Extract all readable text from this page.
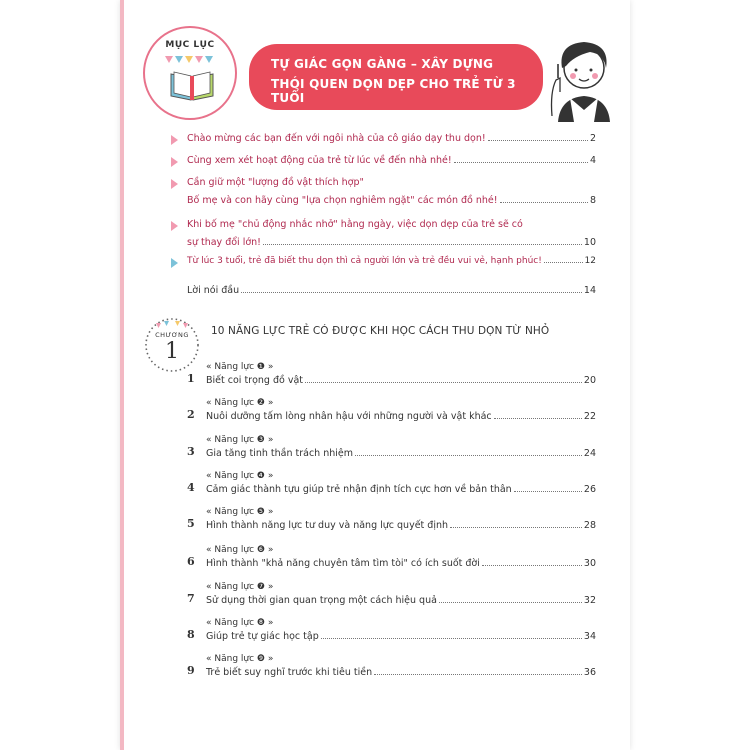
MỤC LỤC
TỰ GIÁC GỌN GÀNG – XÂY DỰNG
THÓI QUEN DỌN DẸP CHO TRẺ TỪ 3 TUỔI
Chào mừng các bạn đến với ngôi nhà của cô giáo dạy thu dọn!	2
Cùng xem xét hoạt động của trẻ từ lúc về đến nhà nhé!	4
Cần giữ một "lượng đồ vật thích hợp"
Bố mẹ và con hãy cùng "lựa chọn nghiêm ngặt" các món đồ nhé!	8
Khi bố mẹ "chủ động nhắc nhở" hằng ngày, việc dọn dẹp của trẻ sẽ có
sự thay đổi lớn!	10
Từ lúc 3 tuổi, trẻ đã biết thu dọn thì cả người lớn và trẻ đều vui vẻ, hạnh phúc!	12
Lời nói đầu	14
CHƯƠNG
1
10 NĂNG LỰC TRẺ CÓ ĐƯỢC KHI HỌC CÁCH THU DỌN TỪ NHỎ
1
« Năng lực ❶ »
Biết coi trọng đồ vật	20
2
« Năng lực ❷ »
Nuôi dưỡng tấm lòng nhân hậu với những người và vật khác	22
3
« Năng lực ❸ »
Gia tăng tinh thần trách nhiệm	24
4
« Năng lực ❹ »
Cảm giác thành tựu giúp trẻ nhận định tích cực hơn về bản thân	26
5
« Năng lực ❺ »
Hình thành năng lực tư duy và năng lực quyết định	28
6
« Năng lực ❻ »
Hình thành "khả năng chuyên tâm tìm tòi" có ích suốt đời	30
7
« Năng lực ❼ »
Sử dụng thời gian quan trọng một cách hiệu quả	32
8
« Năng lực ❽ »
Giúp trẻ tự giác học tập	34
9
« Năng lực ❾ »
Trẻ biết suy nghĩ trước khi tiêu tiền	36
